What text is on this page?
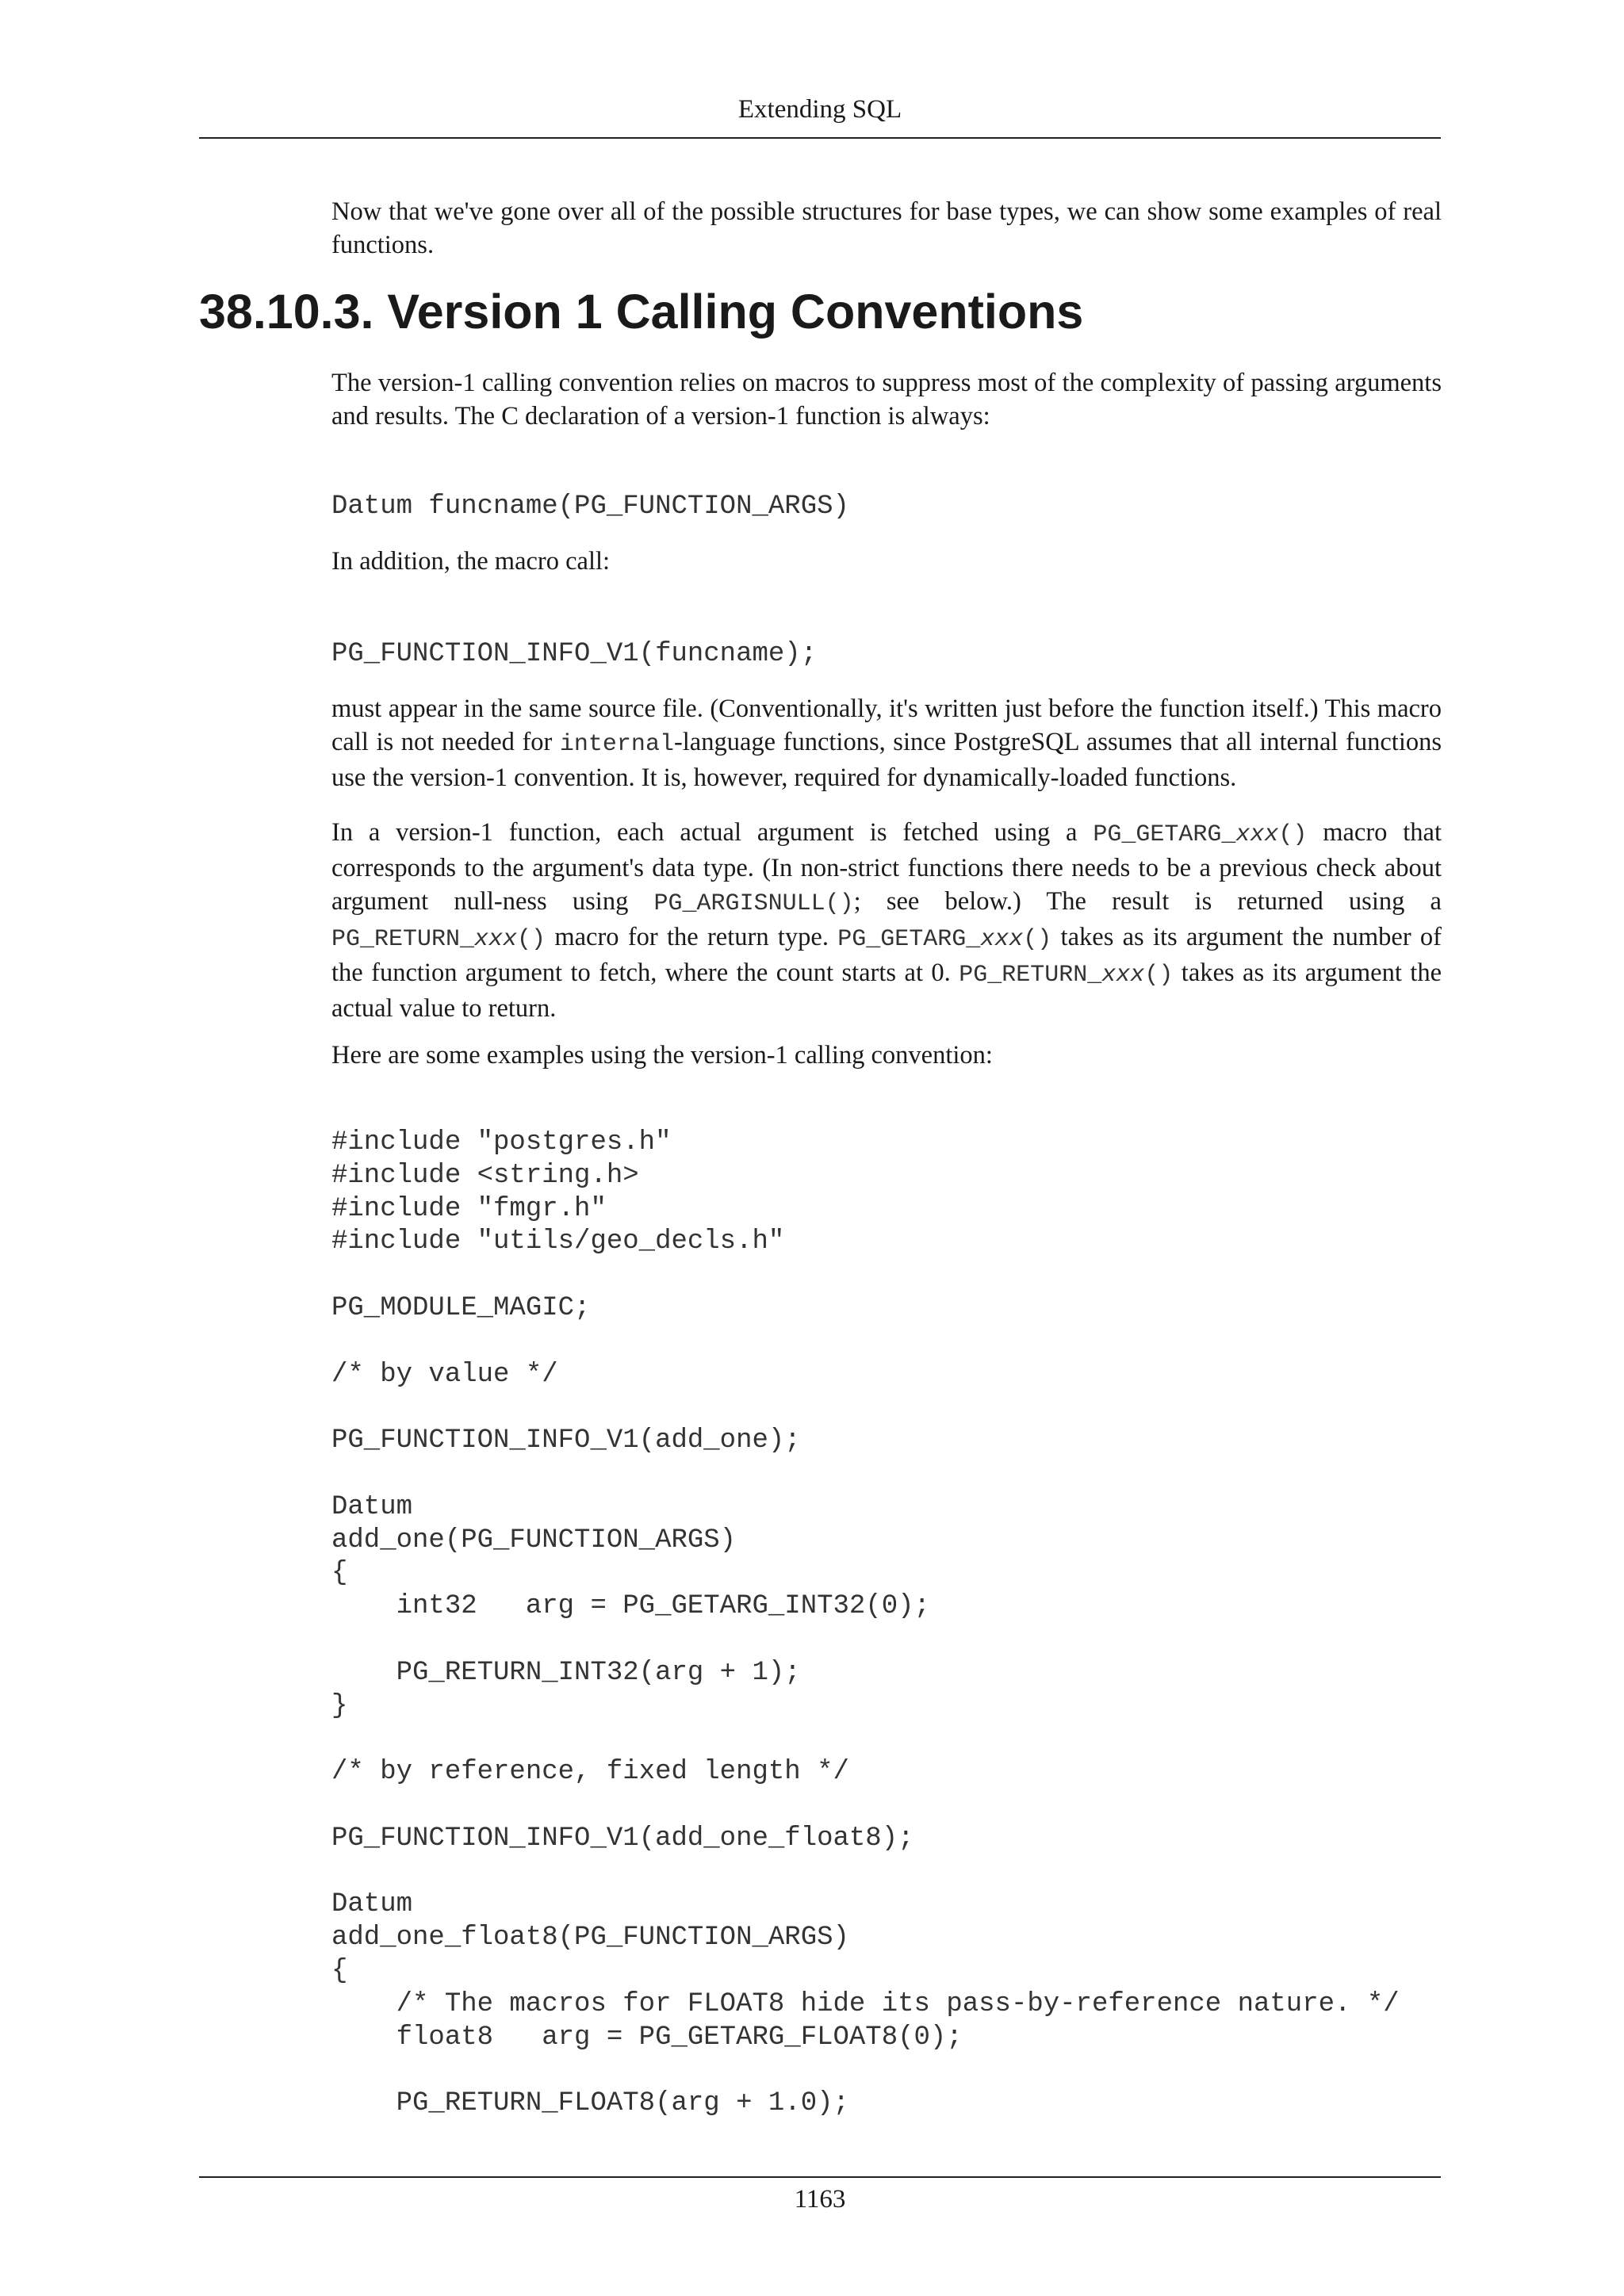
Extending SQL

Now that we've gone over all of the possible structures for base types, we can show some examples of real functions.

38.10.3. Version 1 Calling Conventions

The version-1 calling convention relies on macros to suppress most of the complexity of passing arguments and results. The C declaration of a version-1 function is always:

Datum funcname(PG_FUNCTION_ARGS)

In addition, the macro call:

PG_FUNCTION_INFO_V1(funcname);

must appear in the same source file. (Conventionally, it's written just before the function itself.) This macro call is not needed for internal-language functions, since PostgreSQL assumes that all internal functions use the version-1 convention. It is, however, required for dynamically-loaded functions.

In a version-1 function, each actual argument is fetched using a PG_GETARG_xxx() macro that corresponds to the argument's data type. (In non-strict functions there needs to be a previous check about argument null-ness using PG_ARGISNULL(); see below.) The result is returned using a PG_RETURN_xxx() macro for the return type. PG_GETARG_xxx() takes as its argument the number of the function argument to fetch, where the count starts at 0. PG_RETURN_xxx() takes as its argument the actual value to return.

Here are some examples using the version-1 calling convention:

#include "postgres.h"
#include <string.h>
#include "fmgr.h"
#include "utils/geo_decls.h"

PG_MODULE_MAGIC;

/* by value */

PG_FUNCTION_INFO_V1(add_one);

Datum
add_one(PG_FUNCTION_ARGS)
{
int32   arg = PG_GETARG_INT32(0);

PG_RETURN_INT32(arg + 1);
}

/* by reference, fixed length */

PG_FUNCTION_INFO_V1(add_one_float8);

Datum
add_one_float8(PG_FUNCTION_ARGS)
{
/* The macros for FLOAT8 hide its pass-by-reference nature. */
float8   arg = PG_GETARG_FLOAT8(0);

PG_RETURN_FLOAT8(arg + 1.0);
1163
